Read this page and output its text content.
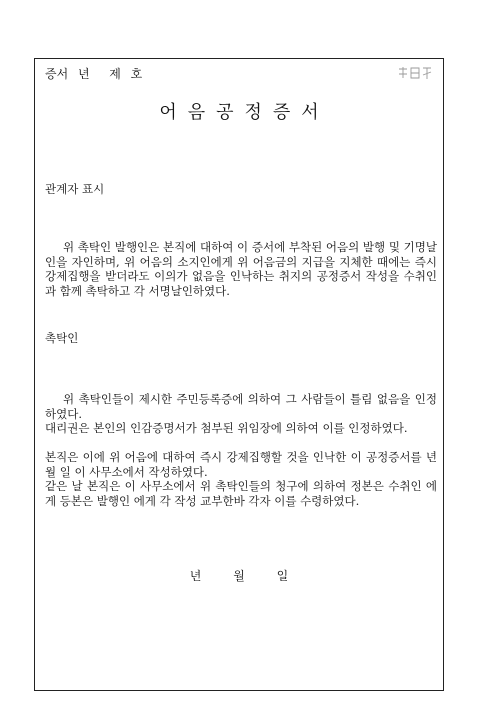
증서 년  제 호
어음공정증서
관계자 표시
위 촉탁인 발행인은 본직에 대하여 이 증서에 부착된 어음의 발행 및 기명날인을 자인하며, 위 어음의 소지인에게 위 어음금의 지급을 지체한 때에는 즉시 강제집행을 받더라도 이의가 없음을 인낙하는 취지의 공정증서 작성을 수취인 과 함께 촉탁하고 각 서명날인하였다.
촉탁인
위 촉탁인들이 제시한 주민등록증에 의하여 그 사람들이 틀림 없음을 인정하였다.
대리권은 본인의 인감증명서가 첨부된 위임장에 의하여 이를 인정하였다.
본직은 이에 위 어음에 대하여 즉시 강제집행할 것을 인낙한 이 공정증서를 년 월 일 이 사무소에서 작성하였다.
같은 날 본직은 이 사무소에서 위 촉탁인들의 청구에 의하여 정본은 수취인 에게 등본은 발행인 에게 각 작성 교부한바 각자 이를 수령하였다.
년 월 일
